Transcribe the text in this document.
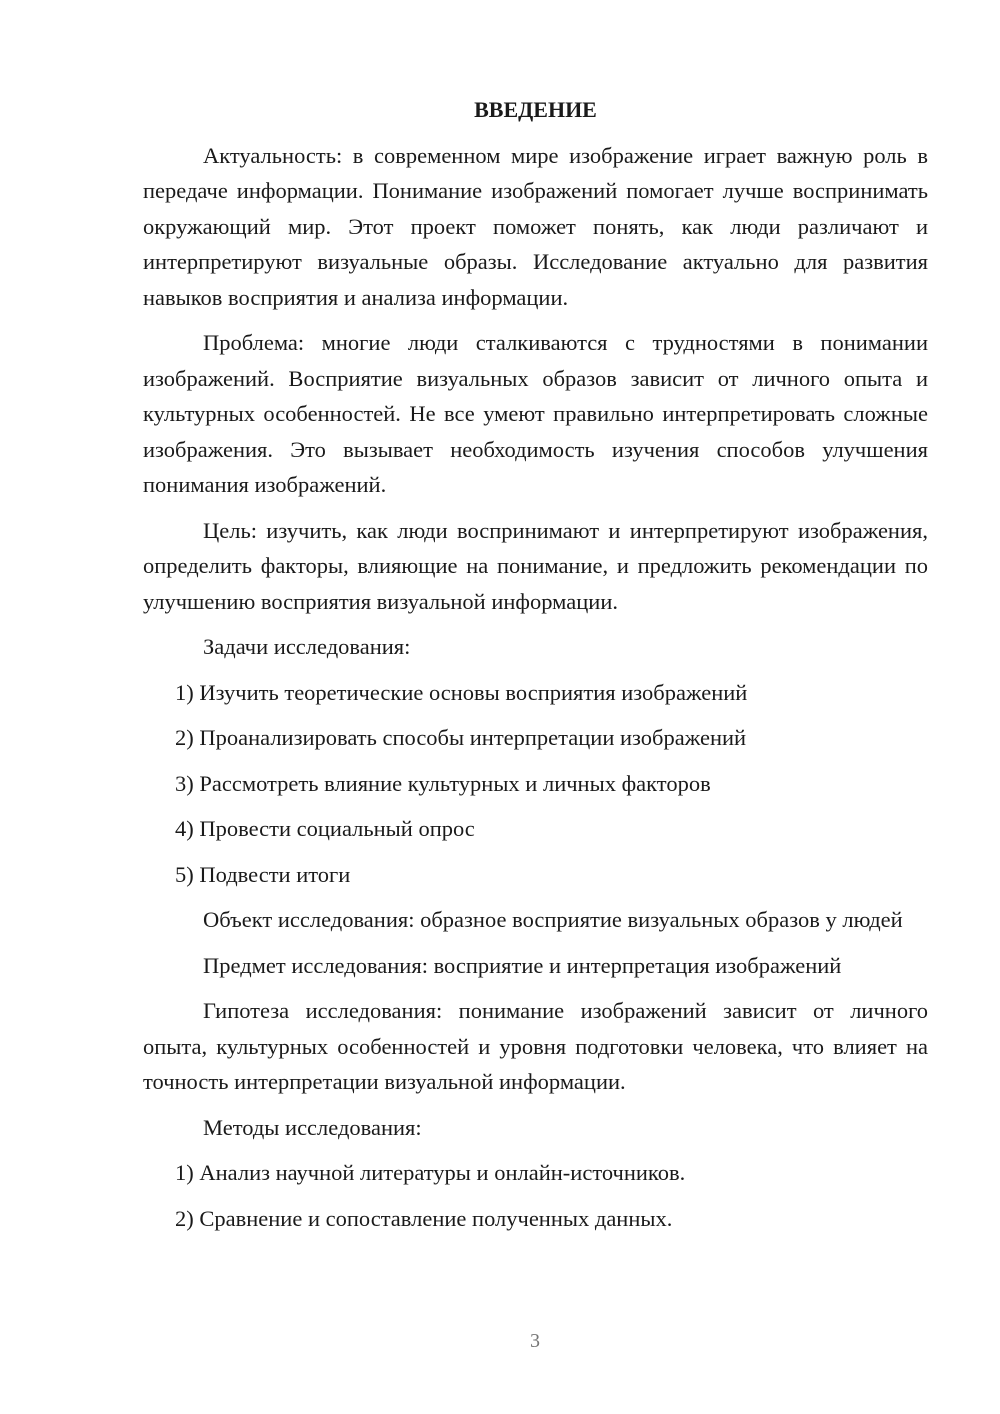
ВВЕДЕНИЕ

Актуальность: в современном мире изображение играет важную роль в передаче информации. Понимание изображений помогает лучше воспринимать окружающий мир. Этот проект поможет понять, как люди различают и интерпретируют визуальные образы. Исследование актуально для развития навыков восприятия и анализа информации.

Проблема: многие люди сталкиваются с трудностями в понимании изображений. Восприятие визуальных образов зависит от личного опыта и культурных особенностей. Не все умеют правильно интерпретировать сложные изображения. Это вызывает необходимость изучения способов улучшения понимания изображений.

Цель: изучить, как люди воспринимают и интерпретируют изображения, определить факторы, влияющие на понимание, и предложить рекомендации по улучшению восприятия визуальной информации.

Задачи исследования:

1) Изучить теоретические основы восприятия изображений

2) Проанализировать способы интерпретации изображений

3) Рассмотреть влияние культурных и личных факторов

4) Провести социальный опрос

5) Подвести итоги

Объект исследования: образное восприятие визуальных образов у людей

Предмет исследования: восприятие и интерпретация изображений

Гипотеза исследования: понимание изображений зависит от личного опыта, культурных особенностей и уровня подготовки человека, что влияет на точность интерпретации визуальной информации.

Методы исследования:

1) Анализ научной литературы и онлайн-источников.

2) Сравнение и сопоставление полученных данных.

3
